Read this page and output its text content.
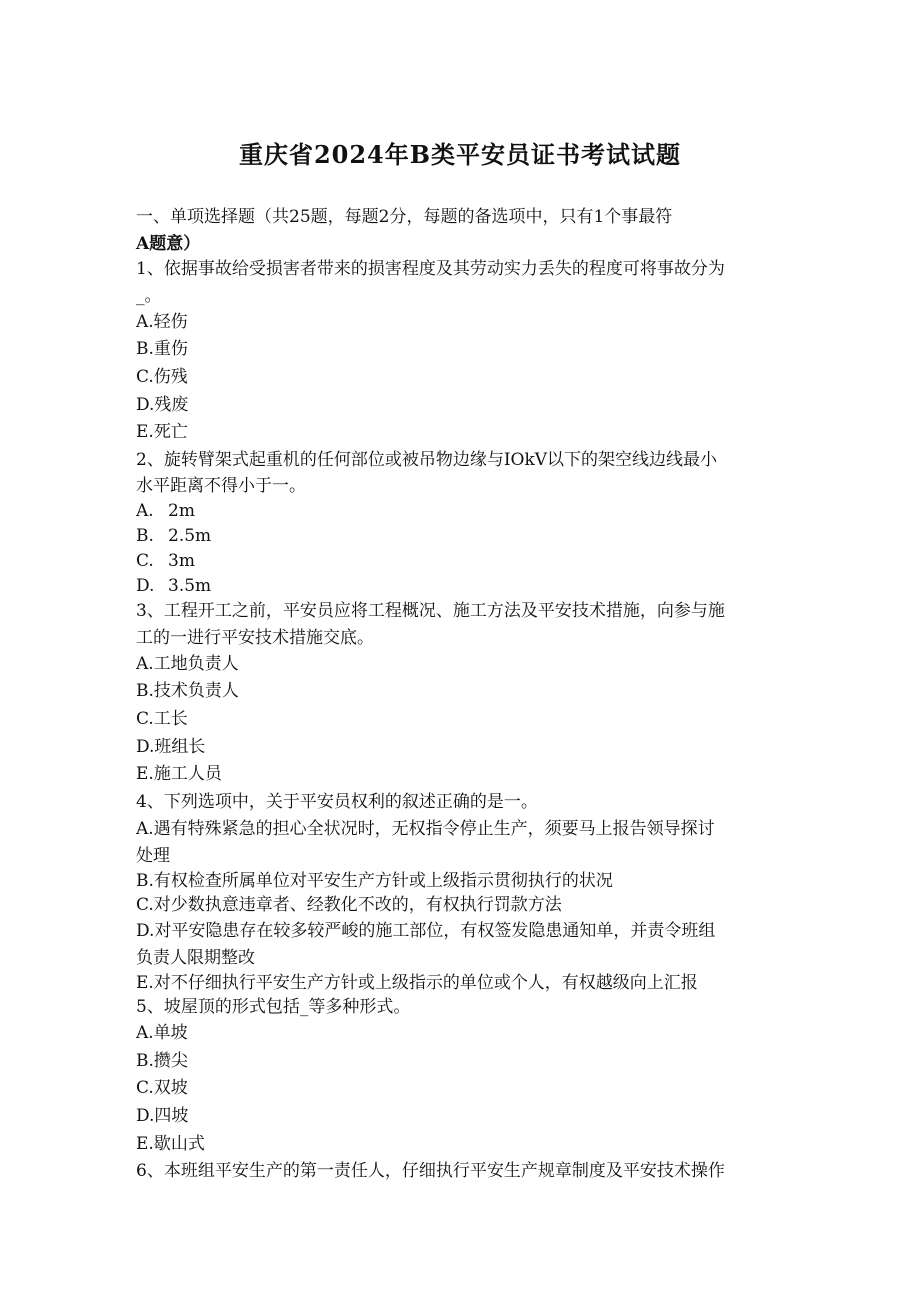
重庆省2024年B类平安员证书考试试题
一、单项选择题（共25题，每题2分，每题的备选项中，只有1个事最符
A题意）
1、依据事故给受损害者带来的损害程度及其劳动实力丢失的程度可将事故分为
_。
A.轻伤
B.重伤
C.伤残
D.残废
E.死亡
2、旋转臂架式起重机的任何部位或被吊物边缘与IOkV以下的架空线边线最小
水平距离不得小于一。
A. 2m
B. 2.5m
C. 3m
D. 3.5m
3、工程开工之前，平安员应将工程概况、施工方法及平安技术措施，向参与施
工的一进行平安技术措施交底。
A.工地负责人
B.技术负责人
C.工长
D.班组长
E.施工人员
4、下列选项中，关于平安员权利的叙述正确的是一。
A.遇有特殊紧急的担心全状况时，无权指令停止生产，须要马上报告领导探讨
处理
B.有权检查所属单位对平安生产方针或上级指示贯彻执行的状况
C.对少数执意违章者、经教化不改的，有权执行罚款方法
D.对平安隐患存在较多较严峻的施工部位，有权签发隐患通知单，并责令班组
负责人限期整改
E.对不仔细执行平安生产方针或上级指示的单位或个人，有权越级向上汇报
5、坡屋顶的形式包括_等多种形式。
A.单坡
B.攒尖
C.双坡
D.四坡
E.歇山式
6、本班组平安生产的第一责任人，仔细执行平安生产规章制度及平安技术操作
